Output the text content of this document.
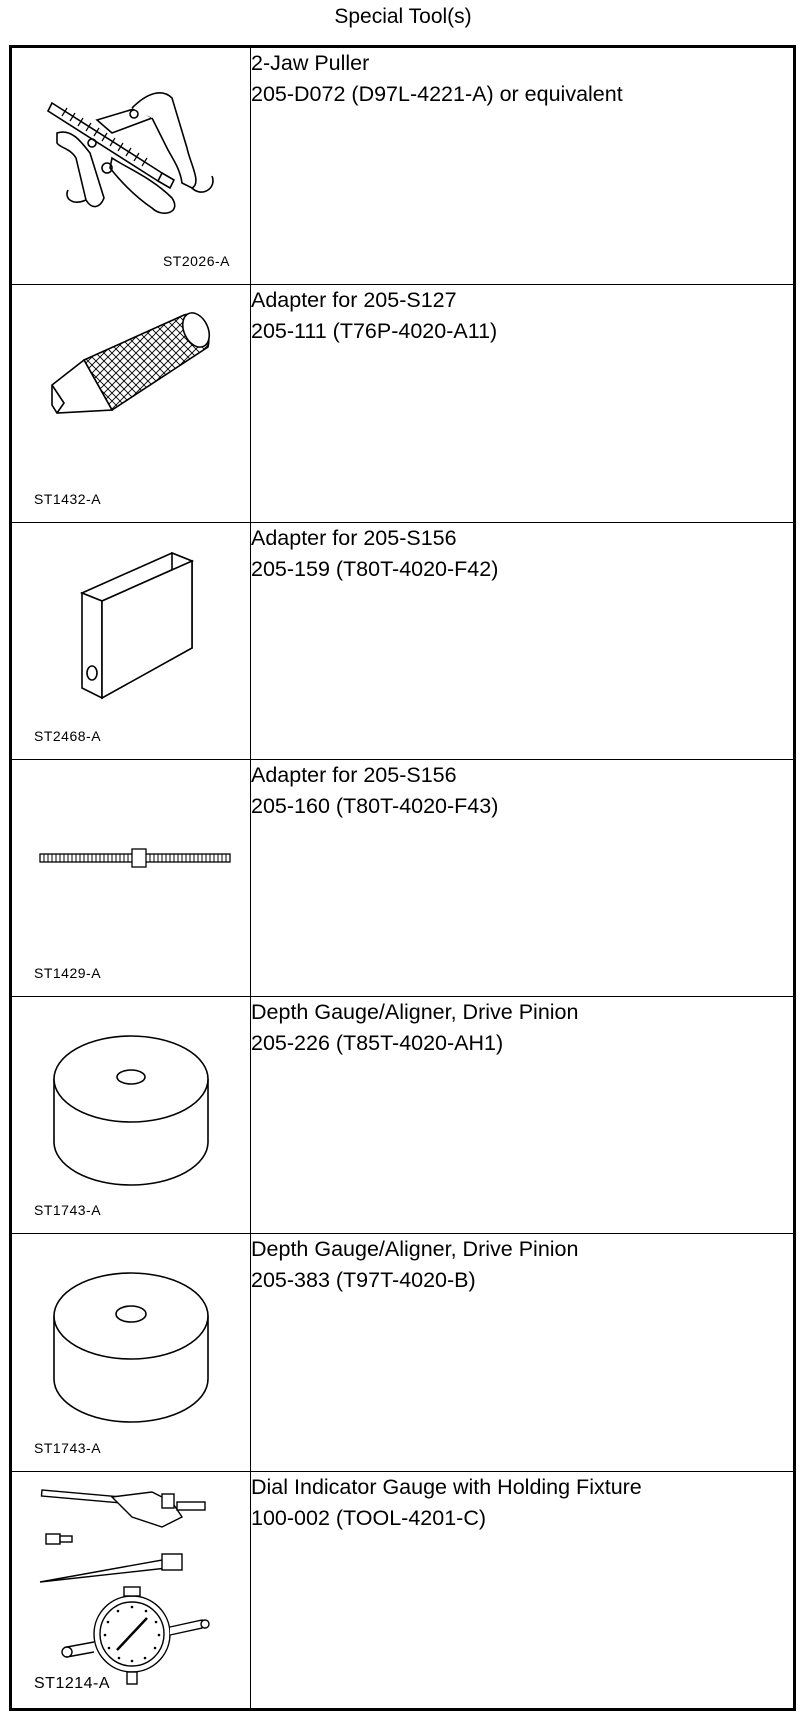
Special Tool(s)
ST2026-A	2-Jaw Puller
205-D072 (D97L-4221-A) or equivalent

ST1432-A	Adapter for 205-S127
205-111 (T76P-4020-A11)

ST2468-A	Adapter for 205-S156
205-159 (T80T-4020-F42)

ST1429-A	Adapter for 205-S156
205-160 (T80T-4020-F43)

ST1743-A	Depth Gauge/Aligner, Drive Pinion
205-226 (T85T-4020-AH1)

ST1743-A	Depth Gauge/Aligner, Drive Pinion
205-383 (T97T-4020-B)

ST1214-A	Dial Indicator Gauge with Holding Fixture
100-002 (TOOL-4201-C)
